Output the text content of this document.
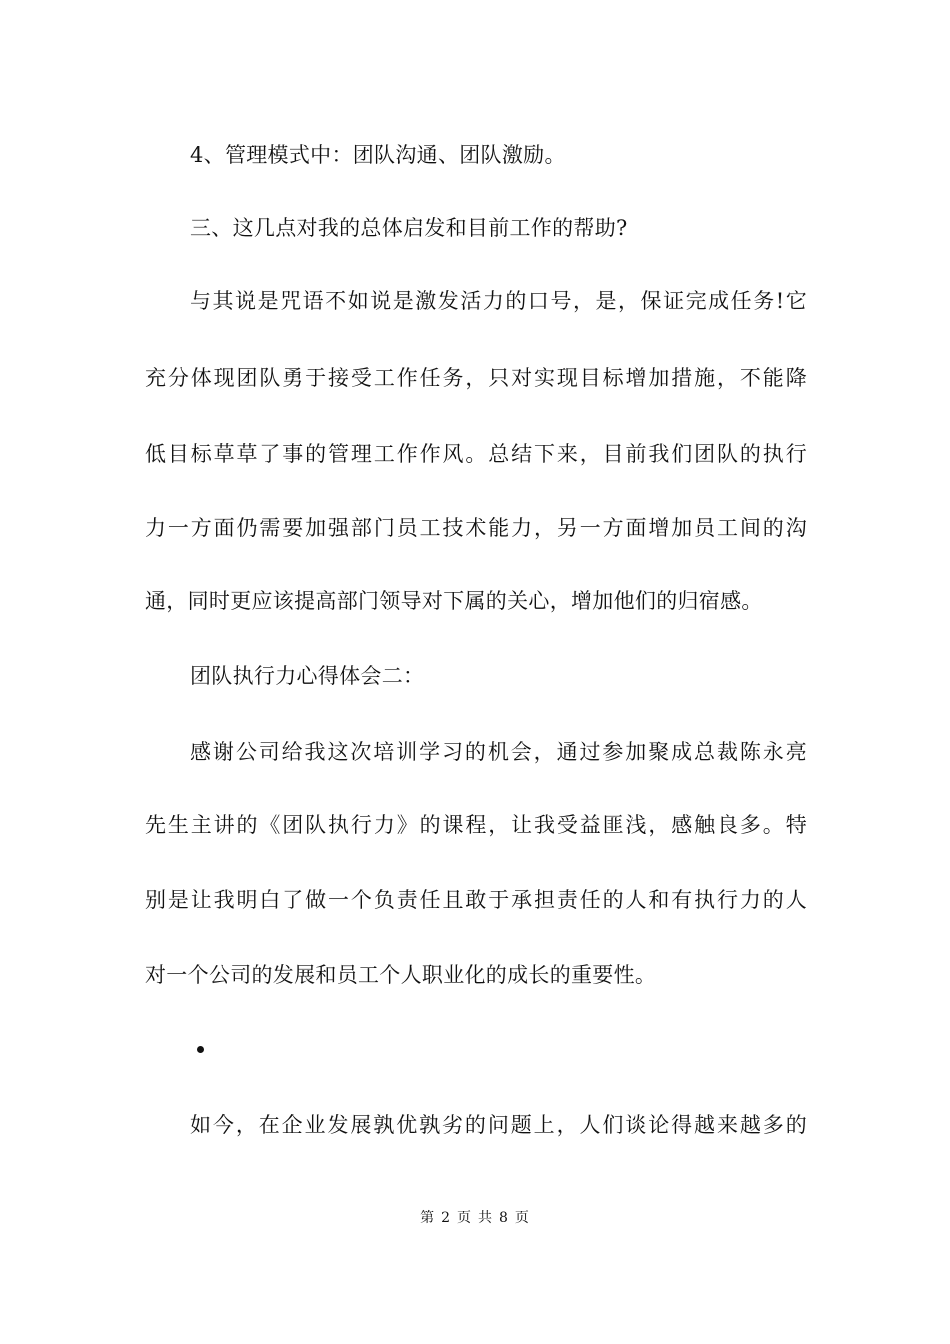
4、管理模式中：团队沟通、团队激励。
三、这几点对我的总体启发和目前工作的帮助?
与其说是咒语不如说是激发活力的口号，是，保证完成任务!它
充分体现团队勇于接受工作任务，只对实现目标增加措施，不能降
低目标草草了事的管理工作作风。总结下来，目前我们团队的执行
力一方面仍需要加强部门员工技术能力，另一方面增加员工间的沟
通，同时更应该提高部门领导对下属的关心，增加他们的归宿感。
团队执行力心得体会二：
感谢公司给我这次培训学习的机会，通过参加聚成总裁陈永亮
先生主讲的《团队执行力》的课程，让我受益匪浅，感触良多。特
别是让我明白了做一个负责任且敢于承担责任的人和有执行力的人
对一个公司的发展和员工个人职业化的成长的重要性。
如今，在企业发展孰优孰劣的问题上，人们谈论得越来越多的
第 2 页 共 8 页
